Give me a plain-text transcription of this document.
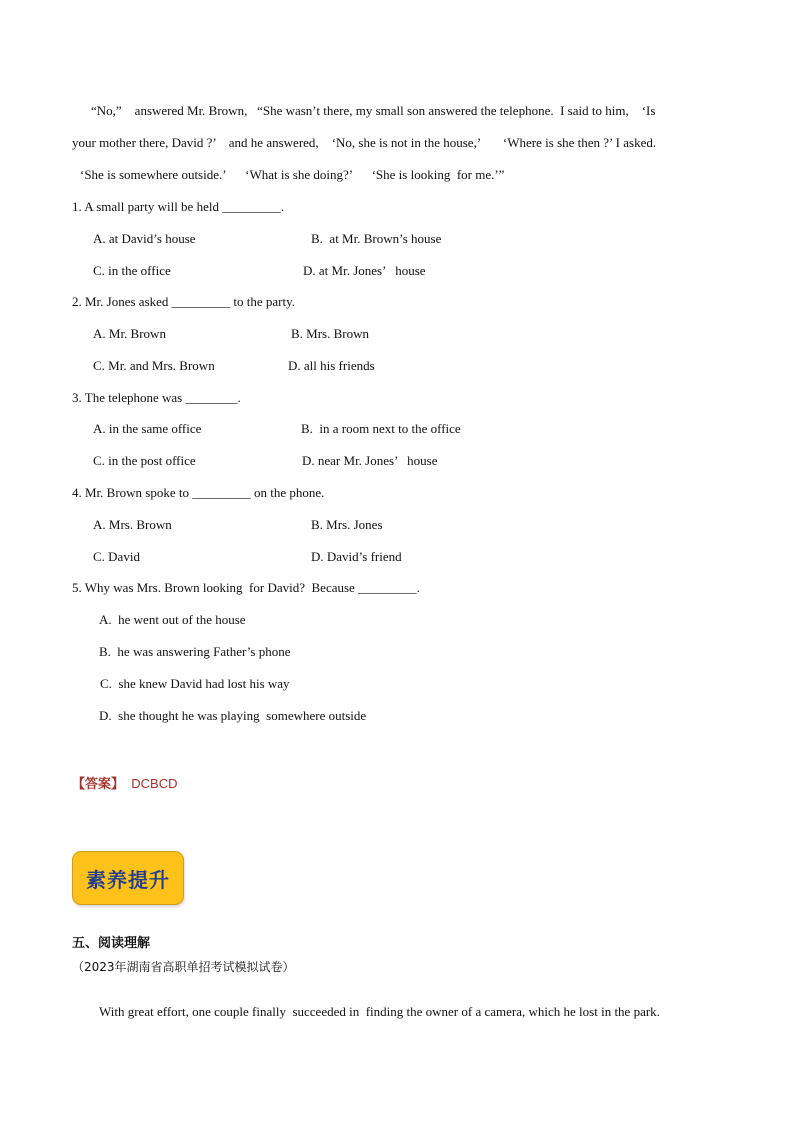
“No,”    answered Mr. Brown,   “She wasn’t there, my small son answered the telephone.  I said to him,    ‘Is
your mother there, David ?’    and he answered,    ‘No, she is not in the house,’       ‘Where is she then ?’ I asked.
‘She is somewhere outside.’      ‘What is she doing?’      ‘She is looking  for me.’”
1. A small party will be held _________.
A. at David’s house	B.  at Mr. Brown’s house
C. in the office	D. at Mr. Jones’   house
2. Mr. Jones asked _________ to the party.
A. Mr. Brown	B. Mrs. Brown
C. Mr. and Mrs. Brown	D. all his friends
3. The telephone was ________.
A. in the same office	B.  in a room next to the office
C. in the post office	D. near Mr. Jones’   house
4. Mr. Brown spoke to _________ on the phone.
A. Mrs. Brown	B. Mrs. Jones
C. David	D. David’s friend
5. Why was Mrs. Brown looking  for David?  Because _________.
A.  he went out of the house
B.  he was answering Father’s phone
C.  she knew David had lost his way
D.  she thought he was playing  somewhere outside
【答案】 DCBCD
素养提升
五、阅读理解
（2023年湖南省高职单招考试模拟试卷）
With great effort, one couple finally  succeeded in  finding the owner of a camera, which he lost in the park.
